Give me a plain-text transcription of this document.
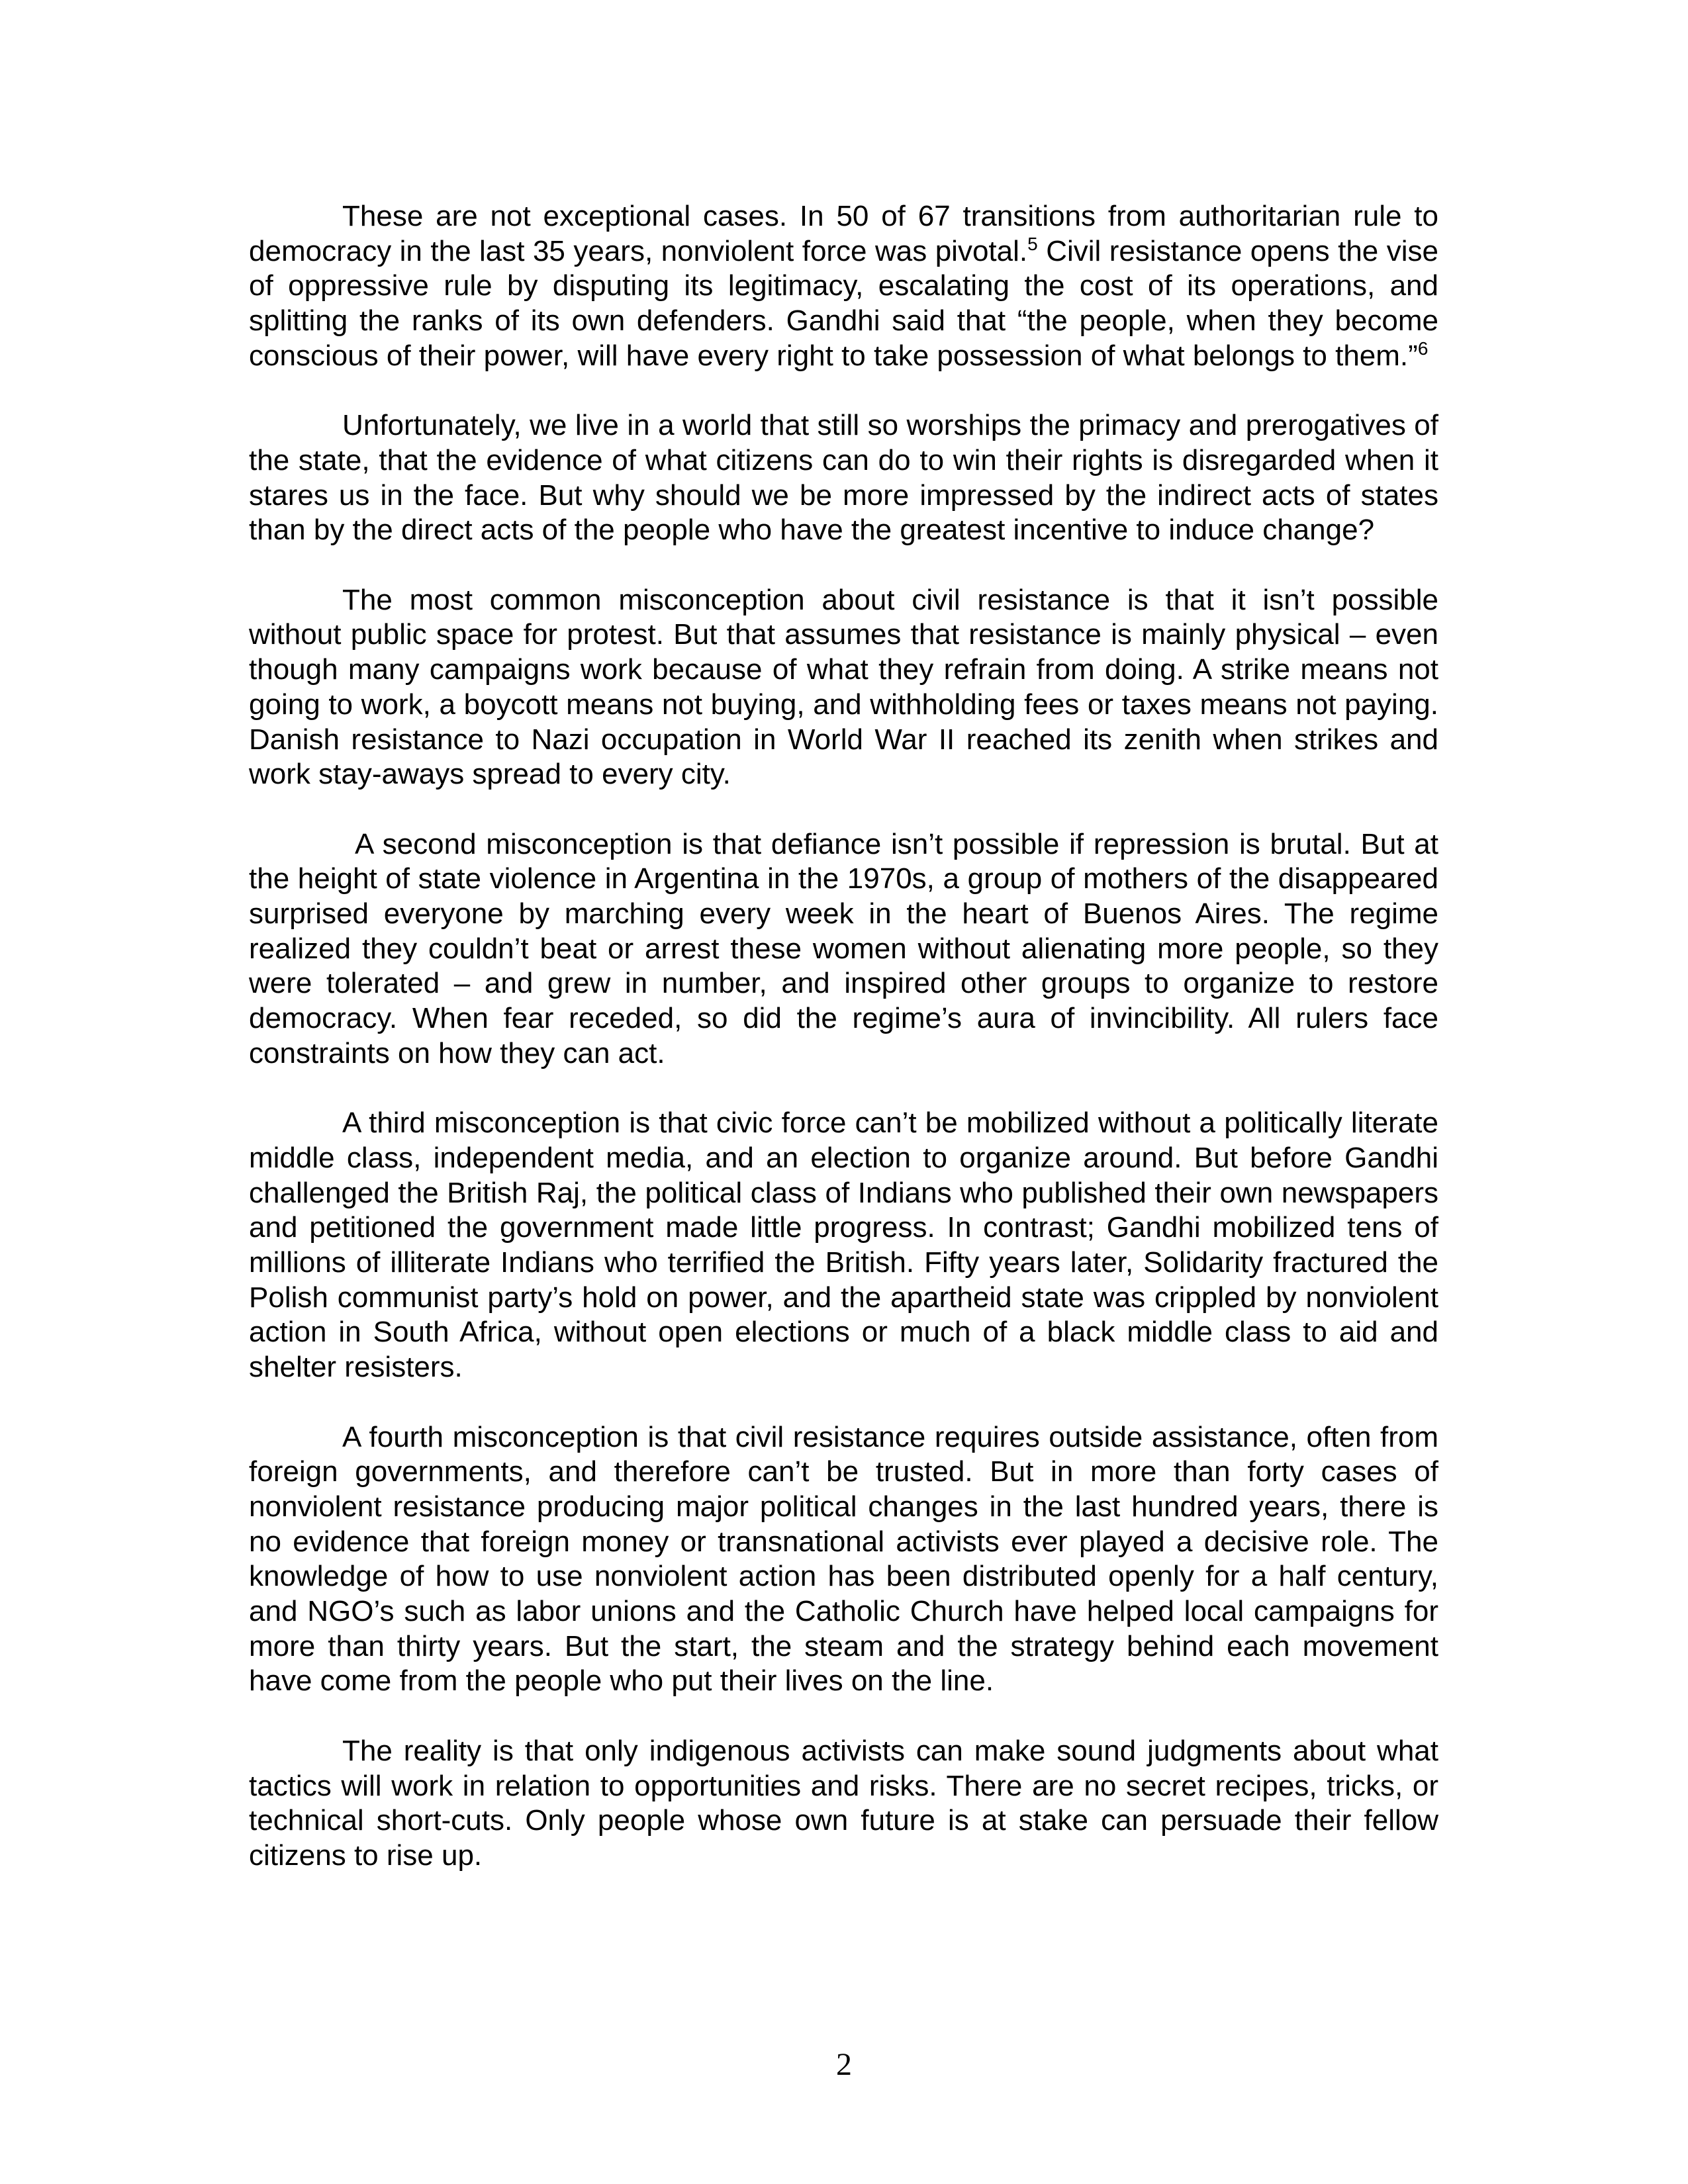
These are not exceptional cases. In 50 of 67 transitions from authoritarian rule to democracy in the last 35 years, nonviolent force was pivotal.$^5$ Civil resistance opens the vise of oppressive rule by disputing its legitimacy, escalating the cost of its operations, and splitting the ranks of its own defenders. Gandhi said that “the people, when they become conscious of their power, will have every right to take possession of what belongs to them.”$^6$

Unfortunately, we live in a world that still so worships the primacy and prerogatives of the state, that the evidence of what citizens can do to win their rights is disregarded when it stares us in the face. But why should we be more impressed by the indirect acts of states than by the direct acts of the people who have the greatest incentive to induce change?

The most common misconception about civil resistance is that it isn’t possible without public space for protest. But that assumes that resistance is mainly physical – even though many campaigns work because of what they refrain from doing. A strike means not going to work, a boycott means not buying, and withholding fees or taxes means not paying. Danish resistance to Nazi occupation in World War II reached its zenith when strikes and work stay-aways spread to every city.

A second misconception is that defiance isn’t possible if repression is brutal. But at the height of state violence in Argentina in the 1970s, a group of mothers of the disappeared surprised everyone by marching every week in the heart of Buenos Aires. The regime realized they couldn’t beat or arrest these women without alienating more people, so they were tolerated – and grew in number, and inspired other groups to organize to restore democracy. When fear receded, so did the regime’s aura of invincibility. All rulers face constraints on how they can act.

A third misconception is that civic force can’t be mobilized without a politically literate middle class, independent media, and an election to organize around. But before Gandhi challenged the British Raj, the political class of Indians who published their own newspapers and petitioned the government made little progress. In contrast; Gandhi mobilized tens of millions of illiterate Indians who terrified the British. Fifty years later, Solidarity fractured the Polish communist party’s hold on power, and the apartheid state was crippled by nonviolent action in South Africa, without open elections or much of a black middle class to aid and shelter resisters.

A fourth misconception is that civil resistance requires outside assistance, often from foreign governments, and therefore can’t be trusted. But in more than forty cases of nonviolent resistance producing major political changes in the last hundred years, there is no evidence that foreign money or transnational activists ever played a decisive role. The knowledge of how to use nonviolent action has been distributed openly for a half century, and NGO’s such as labor unions and the Catholic Church have helped local campaigns for more than thirty years. But the start, the steam and the strategy behind each movement have come from the people who put their lives on the line.

The reality is that only indigenous activists can make sound judgments about what tactics will work in relation to opportunities and risks. There are no secret recipes, tricks, or technical short-cuts. Only people whose own future is at stake can persuade their fellow citizens to rise up.

2
